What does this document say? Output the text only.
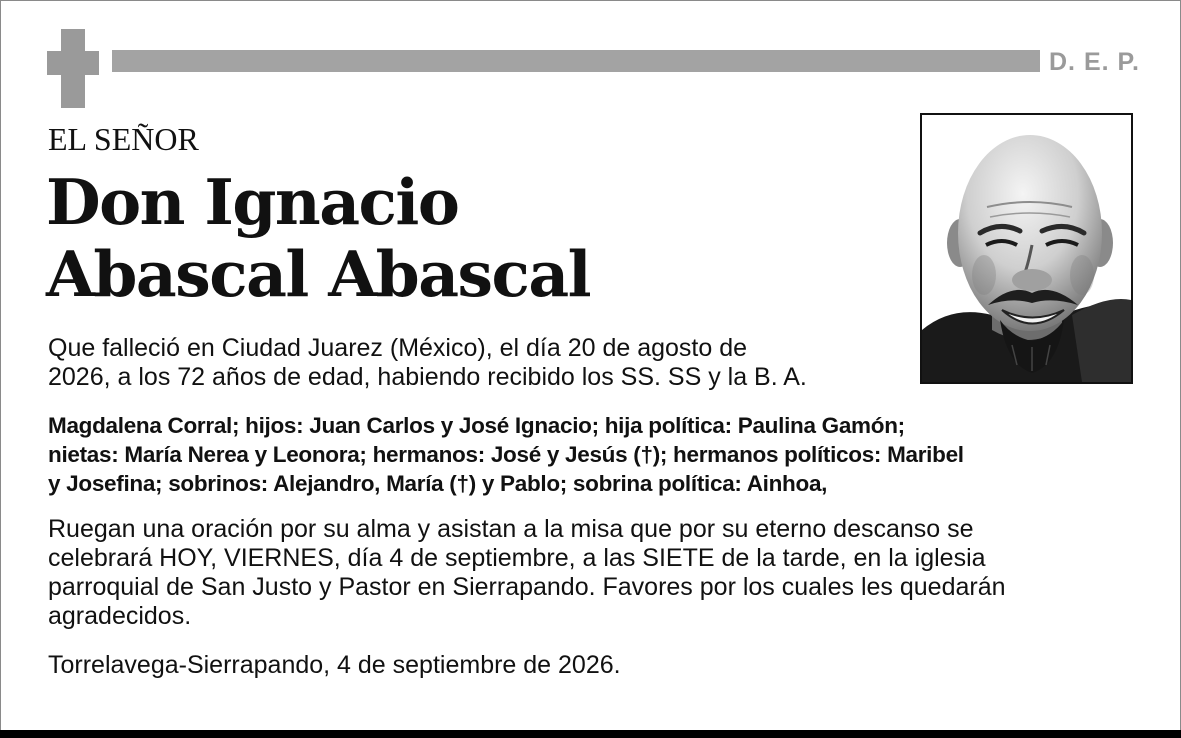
D. E. P.
EL SEÑOR
Don Ignacio
Abascal Abascal
Que falleció en Ciudad Juarez (México), el día 20 de agosto de
2026, a los 72 años de edad, habiendo recibido los SS. SS y la B. A.
Magdalena Corral; hijos: Juan Carlos y José Ignacio; hija política: Paulina Gamón;
nietas: María Nerea y Leonora; hermanos: José y Jesús (†); hermanos políticos: Maribel
y Josefina; sobrinos: Alejandro, María (†) y Pablo; sobrina política: Ainhoa,
Ruegan una oración por su alma y asistan a la misa que por su eterno descanso se
celebrará HOY, VIERNES, día 4 de septiembre, a las SIETE de la tarde, en la iglesia
parroquial de San Justo y Pastor en Sierrapando. Favores por los cuales les quedarán
agradecidos.
Torrelavega-Sierrapando, 4 de septiembre de 2026.
